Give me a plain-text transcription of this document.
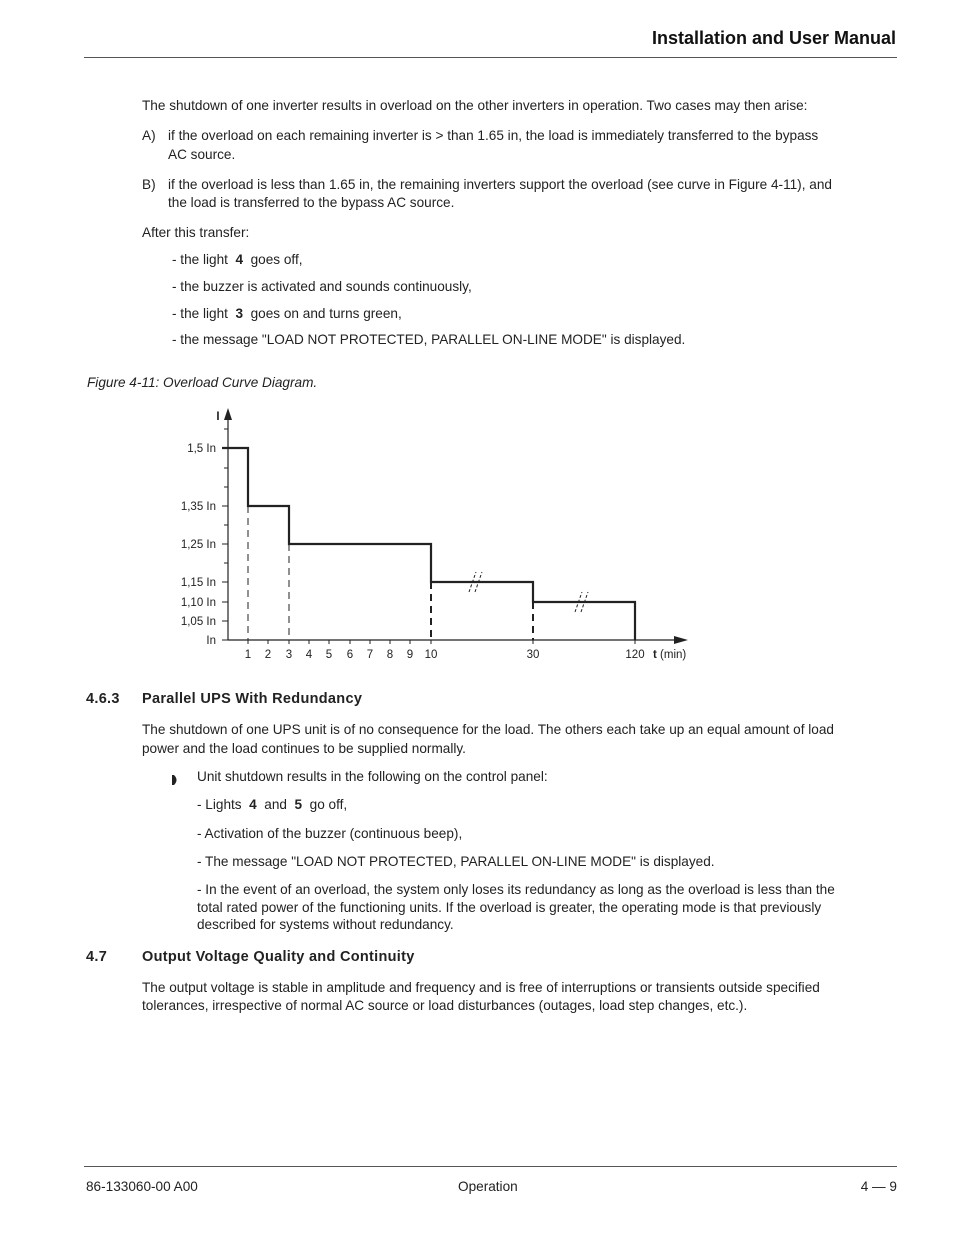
Installation and User Manual
The shutdown of one inverter results in overload on the other inverters in operation. Two cases may then arise:
A) if the overload on each remaining inverter is > than 1.65 in, the load is immediately transferred to the bypass
AC source.
B) if the overload is less than 1.65 in, the remaining inverters support the overload (see curve in Figure 4-11), and
the load is transferred to the bypass AC source.
After this transfer:
- the light 4 goes off,
- the buzzer is activated and sounds continuously,
- the light 3 goes on and turns green,
- the message "LOAD NOT PROTECTED, PARALLEL ON-LINE MODE" is displayed.
Figure 4-11: Overload Curve Diagram.
1,5 In
1,35 In
1,25 In
1,15 In
1,10 In
1,05 In
In
I
1 2 3 4 5 6 7 8 9 10	30	120 t (min)
4.6.3 Parallel UPS With Redundancy
The shutdown of one UPS unit is of no consequence for the load. The others each take up an equal amount of load
power and the load continues to be supplied normally.
Unit shutdown results in the following on the control panel:
- Lights 4 and 5 go off,
- Activation of the buzzer (continuous beep),
- The message "LOAD NOT PROTECTED, PARALLEL ON-LINE MODE" is displayed.
- In the event of an overload, the system only loses its redundancy as long as the overload is less than the
total rated power of the functioning units. If the overload is greater, the operating mode is that previously
described for systems without redundancy.
4.7 Output Voltage Quality and Continuity
The output voltage is stable in amplitude and frequency and is free of interruptions or transients outside specified
tolerances, irrespective of normal AC source or load disturbances (outages, load step changes, etc.).
86-133060-00 A00	Operation	4 — 9
